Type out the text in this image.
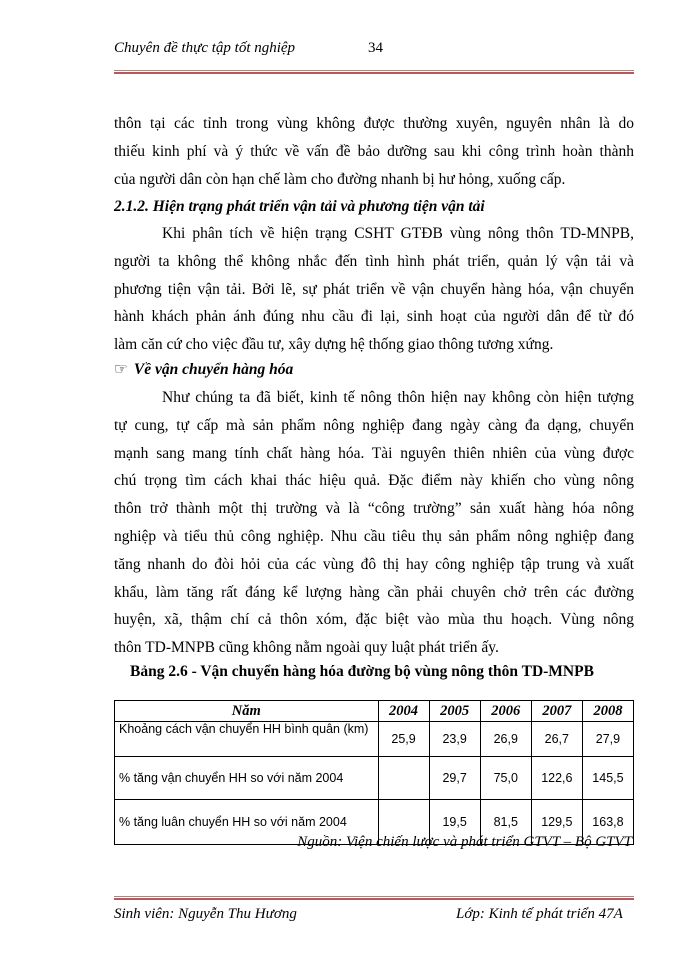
Chuyên đề thực tập tốt nghiệp	34
thôn tại các tỉnh trong vùng không được thường xuyên, nguyên nhân là do
thiếu kinh phí và ý thức về vấn đề bảo dưỡng sau khi công trình hoàn thành
của người dân còn hạn chế làm cho đường nhanh bị hư hỏng, xuống cấp.
2.1.2. Hiện trạng phát triển vận tải và phương tiện vận tải
Khi phân tích về hiện trạng CSHT GTĐB vùng nông thôn TD-MNPB,
người ta không thể không nhắc đến tình hình phát triển, quản lý vận tải và
phương tiện vận tải. Bởi lẽ, sự phát triển về vận chuyển hàng hóa, vận chuyển
hành khách phản ánh đúng nhu cầu đi lại, sinh hoạt của người dân để từ đó
làm căn cứ cho việc đầu tư, xây dựng hệ thống giao thông tương xứng.
☞ Về vận chuyển hàng hóa
Như chúng ta đã biết, kinh tế nông thôn hiện nay không còn hiện tượng
tự cung, tự cấp mà sản phẩm nông nghiệp đang ngày càng đa dạng, chuyển
mạnh sang mang tính chất hàng hóa. Tài nguyên thiên nhiên của vùng được
chú trọng tìm cách khai thác hiệu quả. Đặc điểm này khiến cho vùng nông
thôn trở thành một thị trường và là “công trường” sản xuất hàng hóa nông
nghiệp và tiểu thủ công nghiệp. Nhu cầu tiêu thụ sản phẩm nông nghiệp đang
tăng nhanh do đòi hỏi của các vùng đô thị hay công nghiệp tập trung và xuất
khẩu, làm tăng rất đáng kể lượng hàng cần phải chuyên chở trên các đường
huyện, xã, thậm chí cả thôn xóm, đặc biệt vào mùa thu hoạch. Vùng nông
thôn TD-MNPB cũng không nằm ngoài quy luật phát triển ấy.
Bảng 2.6 - Vận chuyển hàng hóa đường bộ vùng nông thôn TD-MNPB
Năm	2004	2005	2006	2007	2008
Khoảng cách vận chuyển HH bình quân (km)	25,9	23,9	26,9	26,7	27,9
% tăng vận chuyển HH so với năm 2004		29,7	75,0	122,6	145,5
% tăng luân chuyển HH so với năm 2004		19,5	81,5	129,5	163,8
Nguồn: Viện chiến lược và phát triển GTVT – Bộ GTVT
Sinh viên: Nguyễn Thu Hương	Lớp: Kinh tế phát triển 47A
